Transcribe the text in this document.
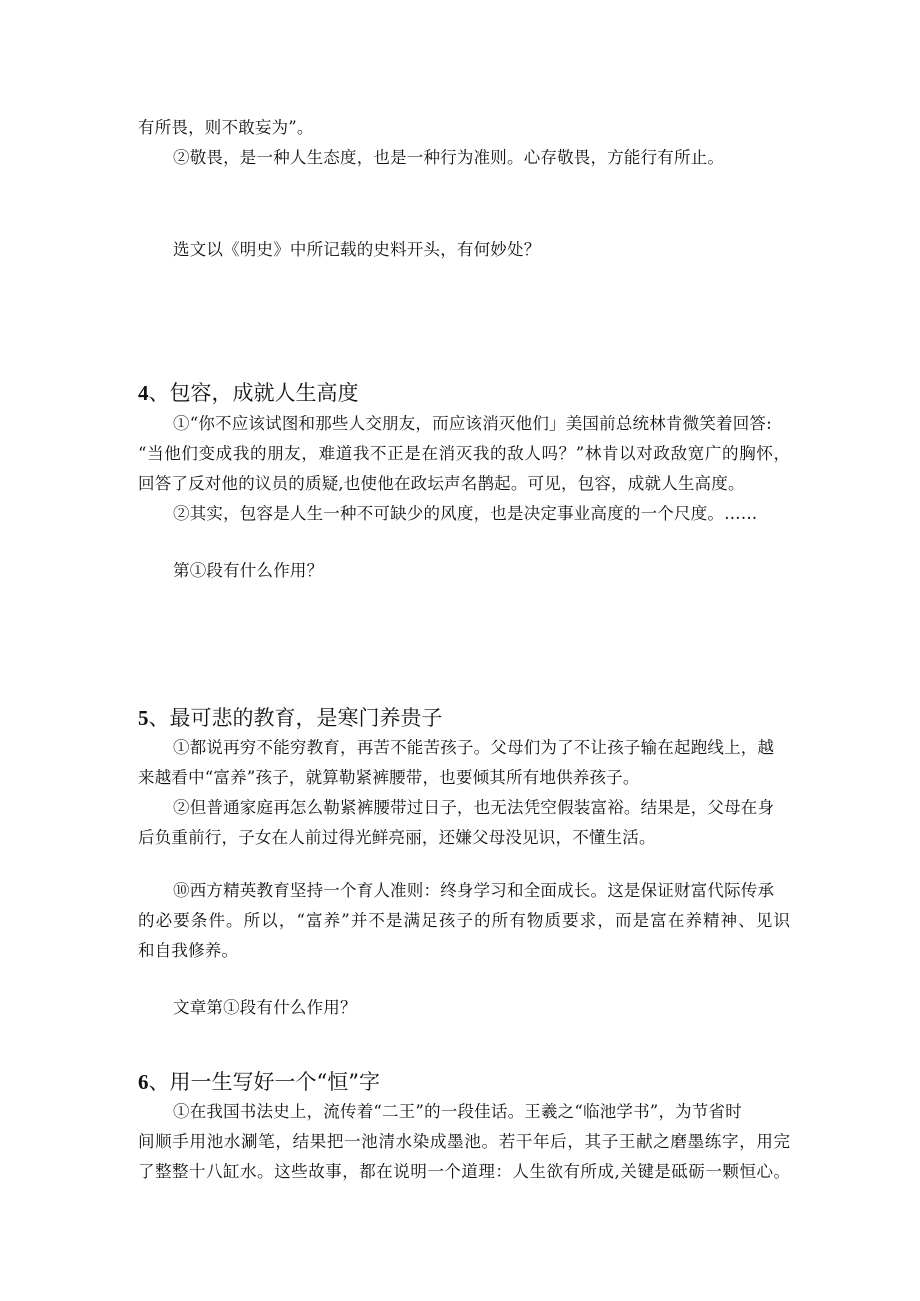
有所畏，则不敢妄为”。
②敬畏，是一种人生态度，也是一种行为准则。心存敬畏，方能行有所止。
选文以《明史》中所记载的史料开头，有何妙处？
4、包容，成就人生高度
①“你不应该试图和那些人交朋友，而应该消灭他们」美国前总统林肯微笑着回答:
“当他们变成我的朋友，难道我不正是在消灭我的敌人吗？”林肯以对政敌宽广的胸怀，
回答了反对他的议员的质疑,也使他在政坛声名鹊起。可见，包容，成就人生高度。
②其实，包容是人生一种不可缺少的风度，也是决定事业高度的一个尺度。……
第①段有什么作用？
5、最可悲的教育，是寒门养贵子
①都说再穷不能穷教育，再苦不能苦孩子。父母们为了不让孩子输在起跑线上，越
来越看中“富养”孩子，就算勒紧裤腰带，也要倾其所有地供养孩子。
②但普通家庭再怎么勒紧裤腰带过日子，也无法凭空假装富裕。结果是，父母在身
后负重前行，子女在人前过得光鲜亮丽，还嫌父母没见识，不懂生活。
⑩西方精英教育坚持一个育人准则：终身学习和全面成长。这是保证财富代际传承
的必要条件。所以，“富养”并不是满足孩子的所有物质要求，而是富在养精神、见识
和自我修养。
文章第①段有什么作用？
6、用一生写好一个“恒”字
①在我国书法史上，流传着“二王”的一段佳话。王羲之“临池学书”，为节省时
间顺手用池水涮笔，结果把一池清水染成墨池。若干年后，其子王献之磨墨练字，用完
了整整十八缸水。这些故事，都在说明一个道理：人生欲有所成,关键是砥砺一颗恒心。
